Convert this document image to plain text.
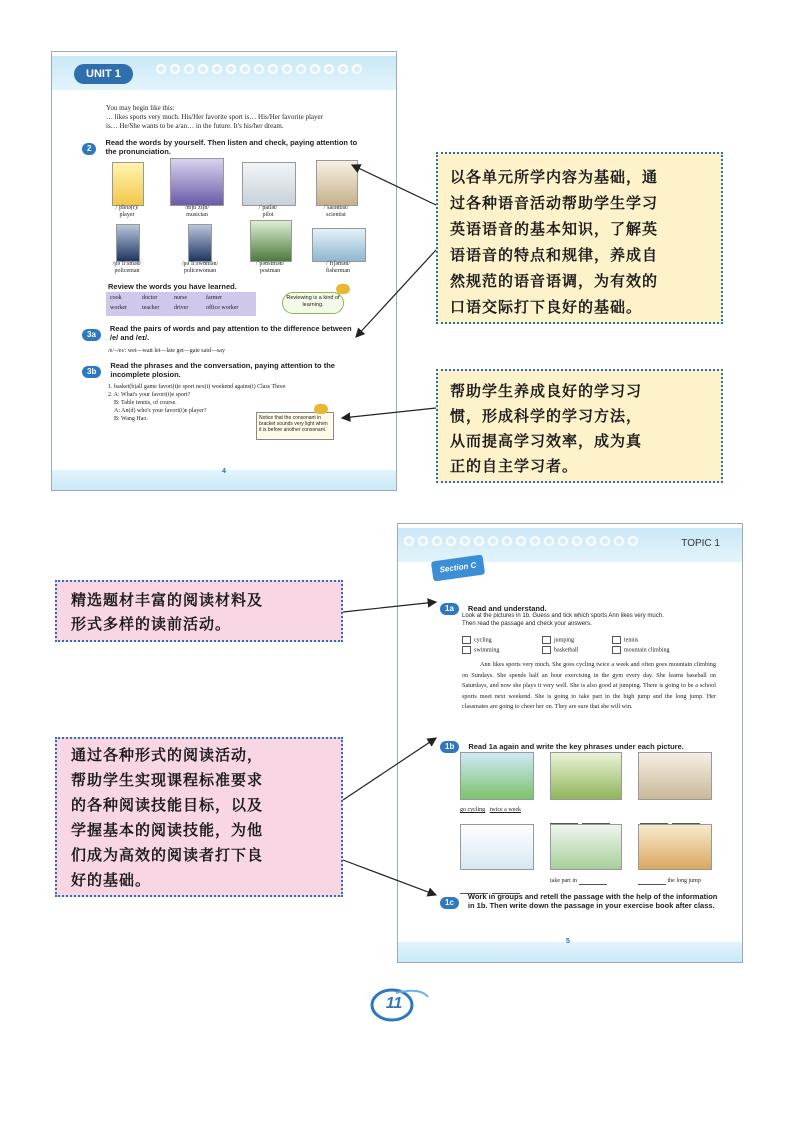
UNIT 1
You may begin like this:
… likes sports very much. His/Her favorite sport is… His/Her favorite player
is… He/She wants to be a/an… in the future. It's his/her dream.
2 Read the words by yourself. Then listen and check, paying attention to the pronunciation.
/ˈpleɪə(r)/
player
/mjuˈzɪʃn/
musician
/ˈpaɪlət/
pilot
/ˈsaɪəntɪst/
scientist
/pəˈliːsmən/
policeman
/pəˈliːswʊmən/
policewoman
/ˈpəʊstmən/
postman
/ˈfɪʃəmən/
fisherman
Review the words you have learned.
cook	doctor	nurse	farmer
worker	teacher	driver	office worker
Reviewing is a kind of learning.
3a Read the pairs of words and pay attention to the difference between /e/ and /eɪ/.
/e/–/eɪ/: wet—wait let—late get—gate said—say
3b Read the phrases and the conversation, paying attention to the incomplete plosion.
1. basket(b)all game favori(t)e sport nex(t) weekend agains(t) Class Three
2. A: What's your favori(t)e sport?
B: Table tennis, of course.
A: An(d) who's your favori(t)e player?
B: Wang Hao.	Notice that the consonant in bracket sounds very light when it is before another consonant.
4
以各单元所学内容为基础，通
过各种语音活动帮助学生学习
英语语音的基本知识，了解英
语语音的特点和规律，养成自
然规范的语音语调，为有效的
口语交际打下良好的基础。
帮助学生养成良好的学习习
惯，形成科学的学习方法，
从而提高学习效率，成为真
正的自主学习者。
TOPIC 1
Section C
1a Read and understand.
Look at the pictures in 1b. Guess and tick which sports Ann likes very much.
Then read the passage and check your answers.
cycling	jumping	tennis
swimming	basketball	mountain climbing
Ann likes sports very much. She goes cycling twice a week and often goes mountain climbing on Sundays. She spends half an hour exercising in the gym every day. She learns baseball on Saturdays, and now she plays it very well. She is also good at jumping. There is going to be a school sports meet next weekend. She is going to take part in the high jump and the long jump. Her classmates are going to cheer her on. They are sure that she will win.
1b Read 1a again and write the key phrases under each picture.
go cycling twice a week

take part in	the long jump
1c Work in groups and retell the passage with the help of the information in 1b. Then write down the passage in your exercise book after class.
5
精选题材丰富的阅读材料及
形式多样的读前活动。
通过各种形式的阅读活动，
帮助学生实现课程标准要求
的各种阅读技能目标，以及
学握基本的阅读技能，为他
们成为高效的阅读者打下良
好的基础。
11
